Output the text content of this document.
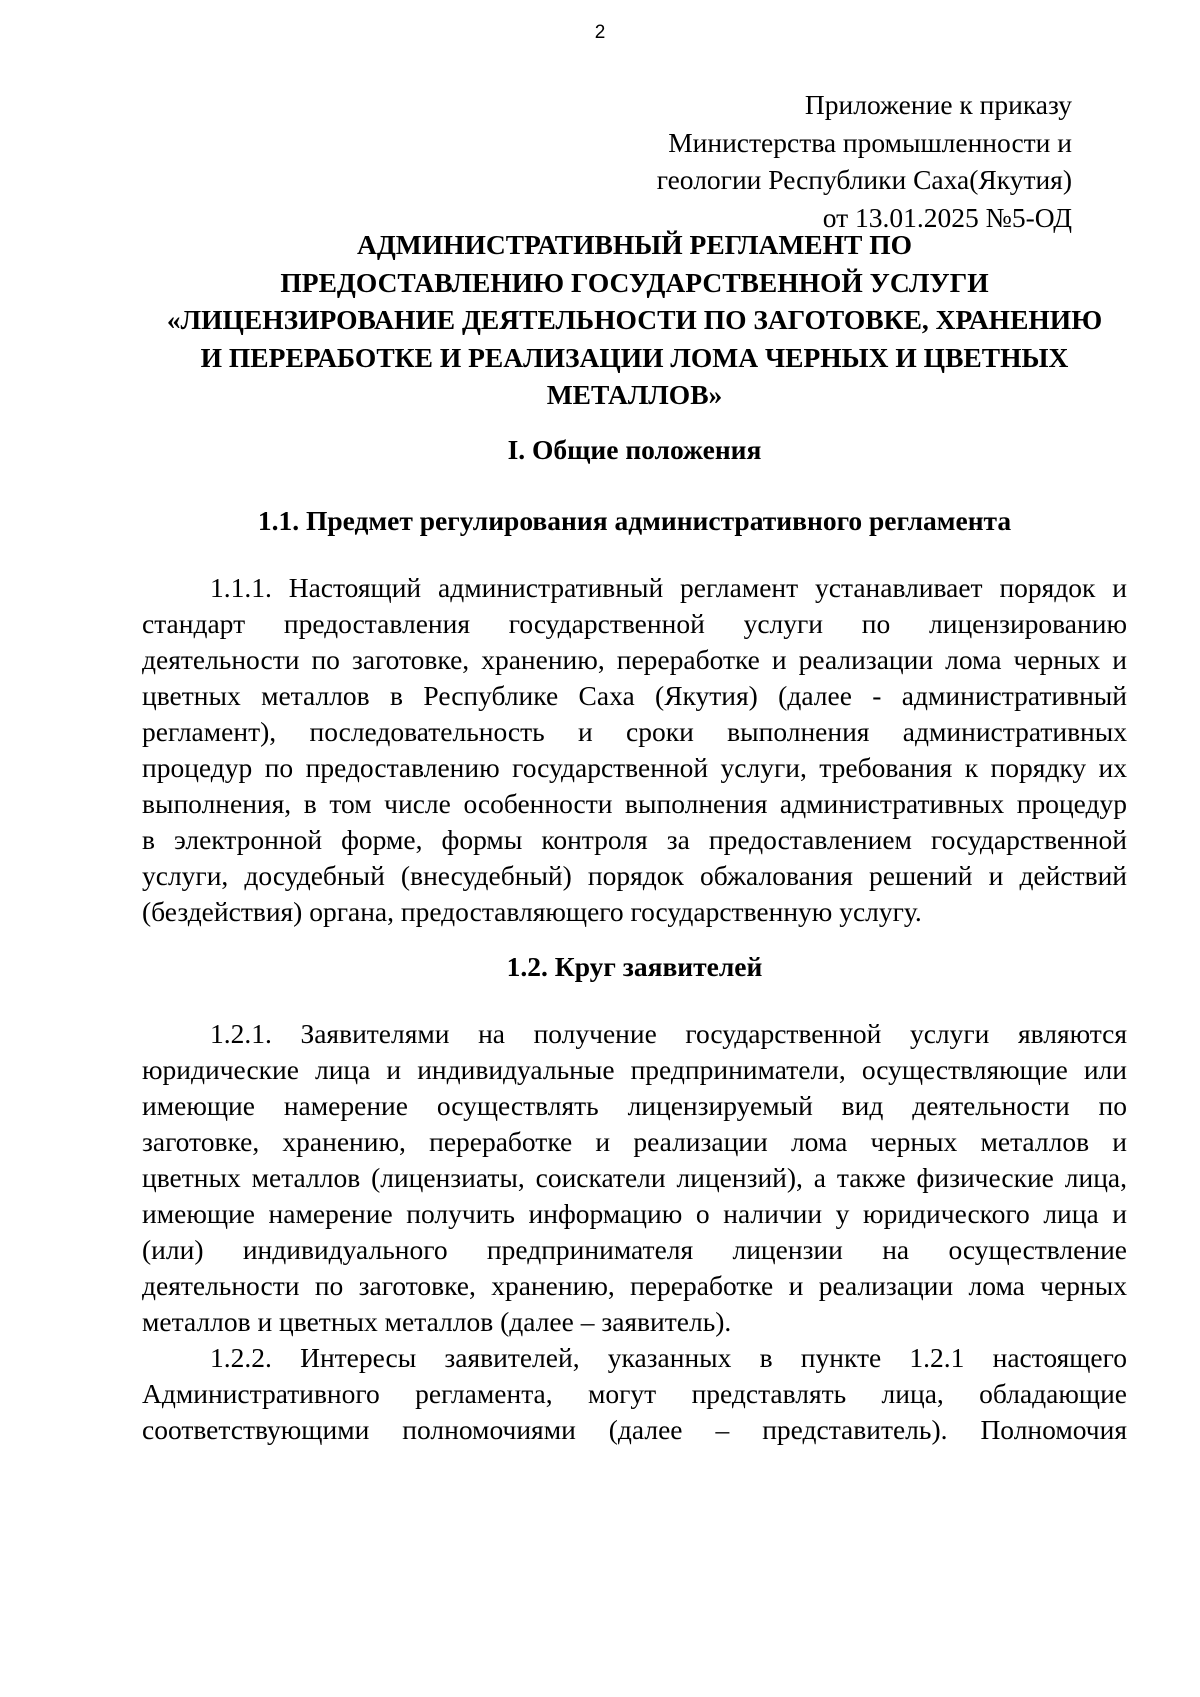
2
Приложение к приказу
Министерства промышленности и
геологии Республики Саха(Якутия)
от 13.01.2025 №5-ОД
АДМИНИСТРАТИВНЫЙ РЕГЛАМЕНТ ПО
ПРЕДОСТАВЛЕНИЮ ГОСУДАРСТВЕННОЙ УСЛУГИ
«ЛИЦЕНЗИРОВАНИЕ ДЕЯТЕЛЬНОСТИ ПО ЗАГОТОВКЕ, ХРАНЕНИЮ
И ПЕРЕРАБОТКЕ И РЕАЛИЗАЦИИ ЛОМА ЧЕРНЫХ И ЦВЕТНЫХ
МЕТАЛЛОВ»
I. Общие положения
1.1. Предмет регулирования административного регламента
1.1.1. Настоящий административный регламент устанавливает порядок и
стандарт предоставления государственной услуги по лицензированию
деятельности по заготовке, хранению, переработке и реализации лома черных и
цветных металлов в Республике Саха (Якутия) (далее - административный
регламент), последовательность и сроки выполнения административных
процедур по предоставлению государственной услуги, требования к порядку их
выполнения, в том числе особенности выполнения административных процедур
в электронной форме, формы контроля за предоставлением государственной
услуги, досудебный (внесудебный) порядок обжалования решений и действий
(бездействия) органа, предоставляющего государственную услугу.
1.2. Круг заявителей
1.2.1. Заявителями на получение государственной услуги являются
юридические лица и индивидуальные предприниматели, осуществляющие или
имеющие намерение осуществлять лицензируемый вид деятельности по
заготовке, хранению, переработке и реализации лома черных металлов и
цветных металлов (лицензиаты, соискатели лицензий), а также физические лица,
имеющие намерение получить информацию о наличии у юридического лица и
(или) индивидуального предпринимателя лицензии на осуществление
деятельности по заготовке, хранению, переработке и реализации лома черных
металлов и цветных металлов (далее – заявитель).
1.2.2. Интересы заявителей, указанных в пункте 1.2.1 настоящего
Административного регламента, могут представлять лица, обладающие
соответствующими полномочиями (далее – представитель). Полномочия
